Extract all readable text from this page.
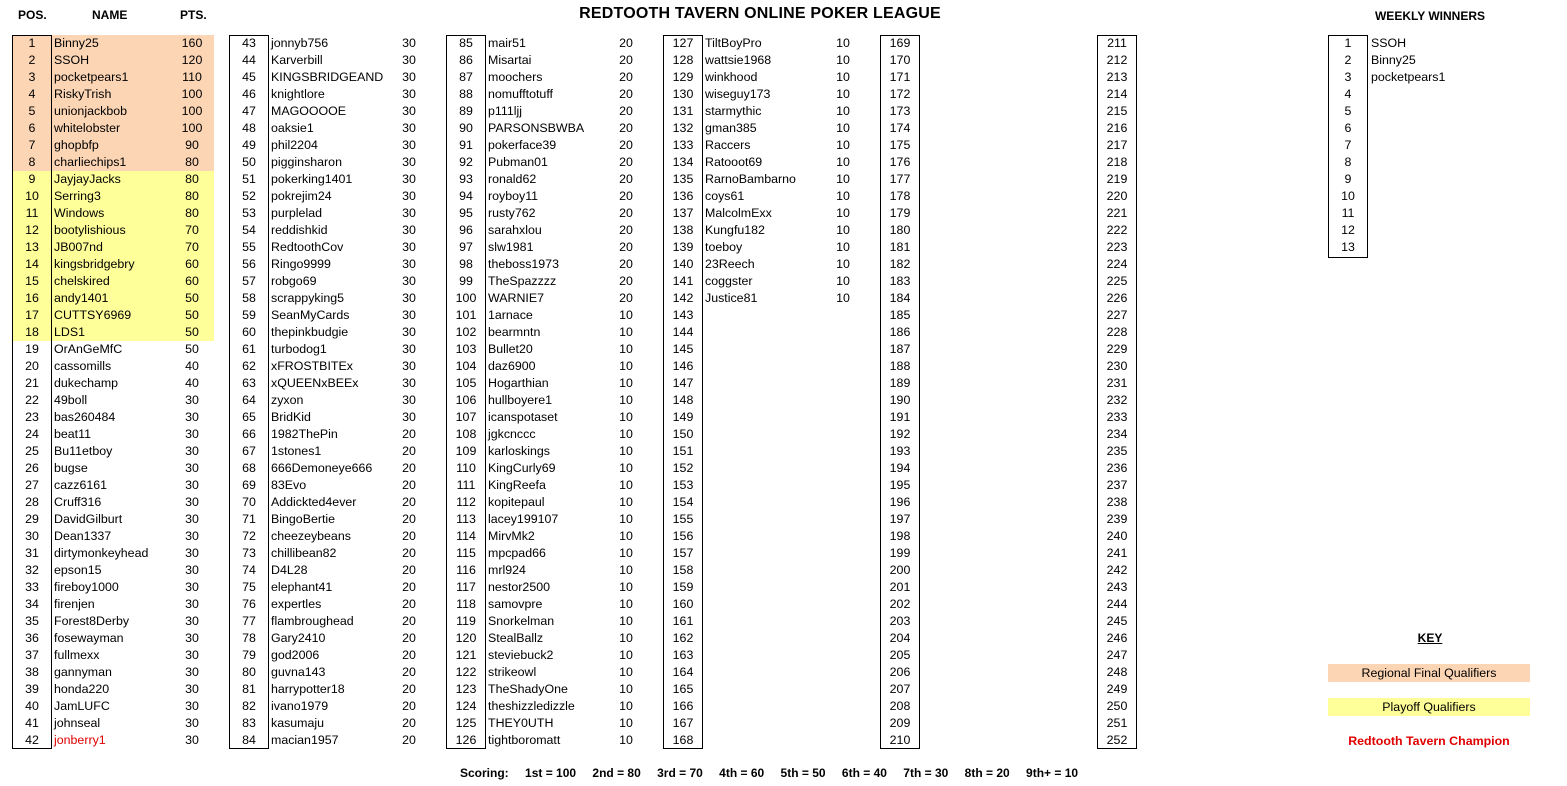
POS.	NAME	PTS.	REDTOOTH TAVERN ONLINE POKER LEAGUE	WEEKLY WINNERS
1	Binny25	160
2	SSOH	120
3	pocketpears1	110
4	RiskyTrish	100
5	unionjackbob	100
6	whitelobster	100
7	ghopbfp	90
8	charliechips1	80
9	JayjayJacks	80
10	Serring3	80
11	Windows	80
12	bootylishious	70
13	JB007nd	70
14	kingsbridgebry	60
15	chelskired	60
16	andy1401	50
17	CUTTSY6969	50
18	LDS1	50
19	OrAnGeMfC	50
20	cassomills	40
21	dukechamp	40
22	49boll	30
23	bas260484	30
24	beat11	30
25	Bu11etboy	30
26	bugse	30
27	cazz6161	30
28	Cruff316	30
29	DavidGilburt	30
30	Dean1337	30
31	dirtymonkeyhead	30
32	epson15	30
33	fireboy1000	30
34	firenjen	30
35	Forest8Derby	30
36	fosewayman	30
37	fullmexx	30
38	gannyman	30
39	honda220	30
40	JamLUFC	30
41	johnseal	30
42	jonberry1	30
43	jonnyb756	30
44	Karverbill	30
45	KINGSBRIDGEAND	30
46	knightlore	30
47	MAGOOOOE	30
48	oaksie1	30
49	phil2204	30
50	pigginsharon	30
51	pokerking1401	30
52	pokrejim24	30
53	purplelad	30
54	reddishkid	30
55	RedtoothCov	30
56	Ringo9999	30
57	robgo69	30
58	scrappyking5	30
59	SeanMyCards	30
60	thepinkbudgie	30
61	turbodog1	30
62	xFROSTBITEx	30
63	xQUEENxBEEx	30
64	zyxon	30
65	BridKid	30
66	1982ThePin	20
67	1stones1	20
68	666Demoneye666	20
69	83Evo	20
70	Addickted4ever	20
71	BingoBertie	20
72	cheezeybeans	20
73	chillibean82	20
74	D4L28	20
75	elephant41	20
76	expertles	20
77	flambroughead	20
78	Gary2410	20
79	god2006	20
80	guvna143	20
81	harrypotter18	20
82	ivano1979	20
83	kasumaju	20
84	macian1957	20
85	mair51	20
86	Misartai	20
87	moochers	20
88	nomufftotuff	20
89	p111ljj	20
90	PARSONSBWBA	20
91	pokerface39	20
92	Pubman01	20
93	ronald62	20
94	royboy11	20
95	rusty762	20
96	sarahxlou	20
97	slw1981	20
98	theboss1973	20
99	TheSpazzzz	20
100 WARNIE7	20
101 1arnace	10
102 bearmntn	10
103 Bullet20	10
104 daz6900	10
105 Hogarthian	10
106 hullboyere1	10
107 icanspotaset	10
108 jgkcnccc	10
109 karloskings	10
110 KingCurly69	10
111	KingReefa	10
112 kopitepaul	10
113 lacey199107	10
114 MirvMk2	10
115 mpcpad66	10
116 mrl924	10
117 nestor2500	10
118 samovpre	10
119 Snorkelman	10
120 StealBallz	10
121 steviebuck2	10
122 strikeowl	10
123 TheShadyOne	10
124 theshizzledizzle	10
125 THEY0UTH	10
126 tightboromatt	10
127 TiltBoyPro	10
128 wattsie1968	10
129 winkhood	10
130 wiseguy173	10
131 starmythic	10
132 gman385	10
133 Raccers	10
134 Ratooot69	10
135 RarnoBambarno	10
136 coys61	10
137 MalcolmExx	10
138 Kungfu182	10
139 toeboy	10
140 23Reech	10
141 coggster	10
142 Justice81	10
143
144
145
146
147
148
149
150
151
152
153
154
155
156
157
158
159
160
161
162
163
164
165
166
167
168
169
170
171
172
173
174
175
176
177
178
179
180
181
182
183
184
185
186
187
188
189
190
191
192
193
194
195
196
197
198
199
200
201
202
203
204
205
206
207
208
209
210
211
212
213
214
215
216
217
218
219
220
221
222
223
224
225
226
227
228
229
230
231
232
233
234
235
236
237
238
239
240
241
242
243
244
245
246
247
248
249
250
251
252
1	SSOH
2	Binny25
3	pocketpears1
4
5
6
7
8
9
10
11
12
13
KEY
Regional Final Qualifiers
Playoff Qualifiers
Redtooth Tavern Champion
Scoring: 1st = 100 2nd = 80 3rd = 70 4th = 60 5th = 50 6th = 40 7th = 30 8th = 20 9th+ = 10
